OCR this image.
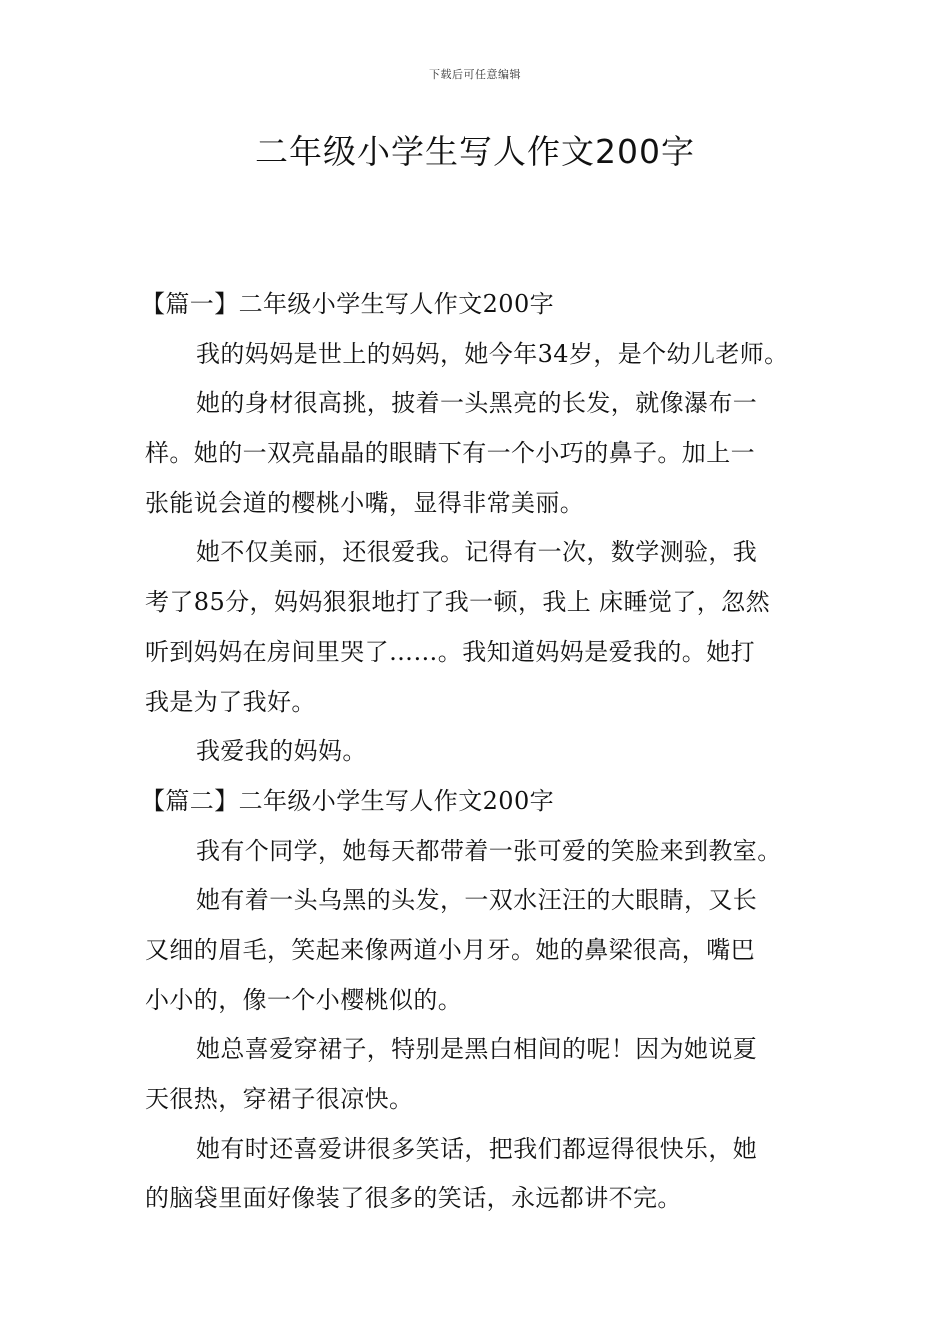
下载后可任意编辑
二年级小学生写人作文200字
【篇一】二年级小学生写人作文200字
我的妈妈是世上的妈妈，她今年34岁，是个幼儿老师。
她的身材很高挑，披着一头黑亮的长发，就像瀑布一
样。她的一双亮晶晶的眼睛下有一个小巧的鼻子。加上一
张能说会道的樱桃小嘴，显得非常美丽。
她不仅美丽，还很爱我。记得有一次，数学测验，我
考了85分，妈妈狠狠地打了我一顿，我上 床睡觉了，忽然
听到妈妈在房间里哭了……。我知道妈妈是爱我的。她打
我是为了我好。
我爱我的妈妈。
【篇二】二年级小学生写人作文200字
我有个同学，她每天都带着一张可爱的笑脸来到教室。
她有着一头乌黑的头发，一双水汪汪的大眼睛，又长
又细的眉毛，笑起来像两道小月牙。她的鼻梁很高，嘴巴
小小的，像一个小樱桃似的。
她总喜爱穿裙子，特别是黑白相间的呢！因为她说夏
天很热，穿裙子很凉快。
她有时还喜爱讲很多笑话，把我们都逗得很快乐，她
的脑袋里面好像装了很多的笑话，永远都讲不完。
